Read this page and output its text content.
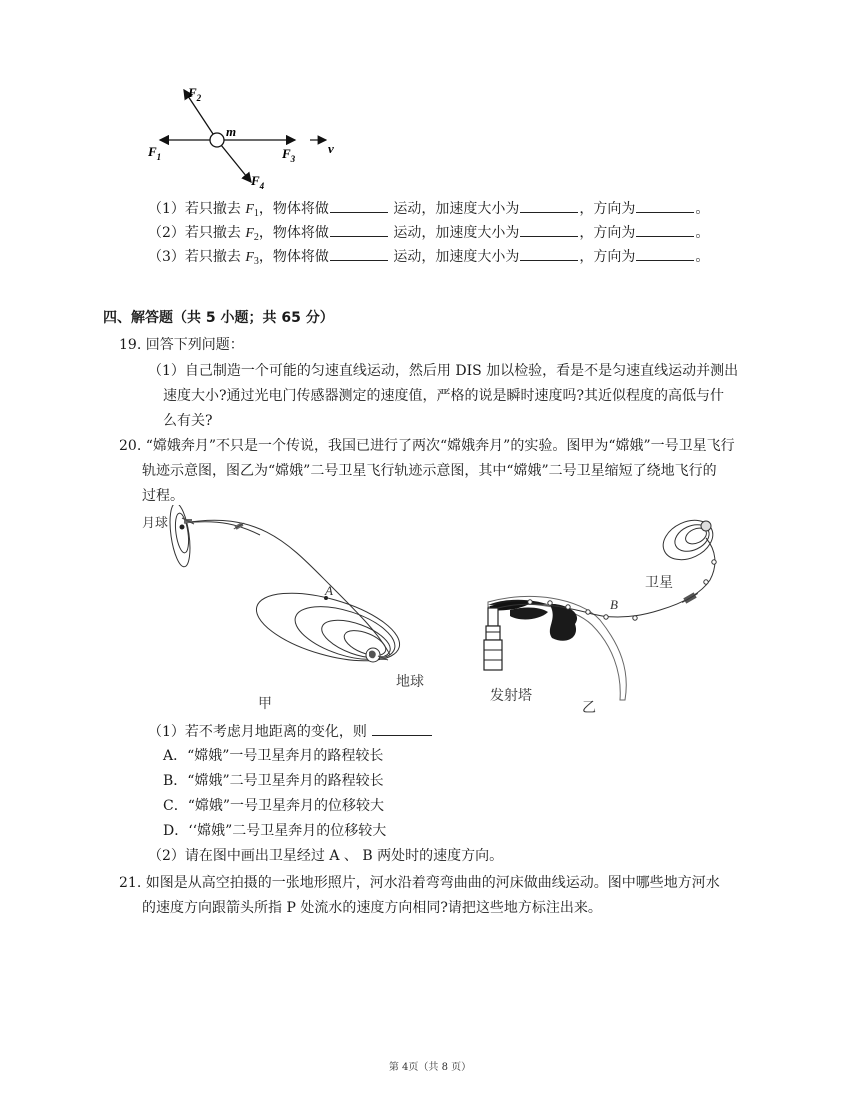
$F_2$
m
$F_1$	$F_3$
v
$F_4$
（1）若只撤去 $F_1$，物体将做	运动，加速度大小为	，方向为	。
（2）若只撤去 $F_2$，物体将做	运动，加速度大小为	，方向为	。
（3）若只撤去 $F_3$，物体将做	运动，加速度大小为	，方向为	。
四、解答题（共 5 小题；共 65 分）
19. 回答下列问题：
（1）自己制造一个可能的匀速直线运动，然后用 DIS 加以检验，看是不是匀速直线运动并测出
速度大小?通过光电门传感器测定的速度值，严格的说是瞬时速度吗?其近似程度的高低与什
么有关?
20. “嫦娥奔月”不只是一个传说，我国已进行了两次“嫦娥奔月”的实验。图甲为“嫦娥”一号卫星飞行
轨迹示意图，图乙为“嫦娥”二号卫星飞行轨迹示意图，其中“嫦娥”二号卫星缩短了绕地飞行的
过程。
月球
A
地球
甲
卫星
B
发射塔
乙
（1）若不考虑月地距离的变化，则
A．“嫦娥”一号卫星奔月的路程较长
B．“嫦娥”二号卫星奔月的路程较长
C．“嫦娥”一号卫星奔月的位移较大
D．‘‘嫦娥”二号卫星奔月的位移较大
（2）请在图中画出卫星经过 A 、 B 两处时的速度方向。
21. 如图是从高空拍摄的一张地形照片，河水沿着弯弯曲曲的河床做曲线运动。图中哪些地方河水
的速度方向跟箭头所指 P 处流水的速度方向相同?请把这些地方标注出来。
第 4页（共 8 页）
